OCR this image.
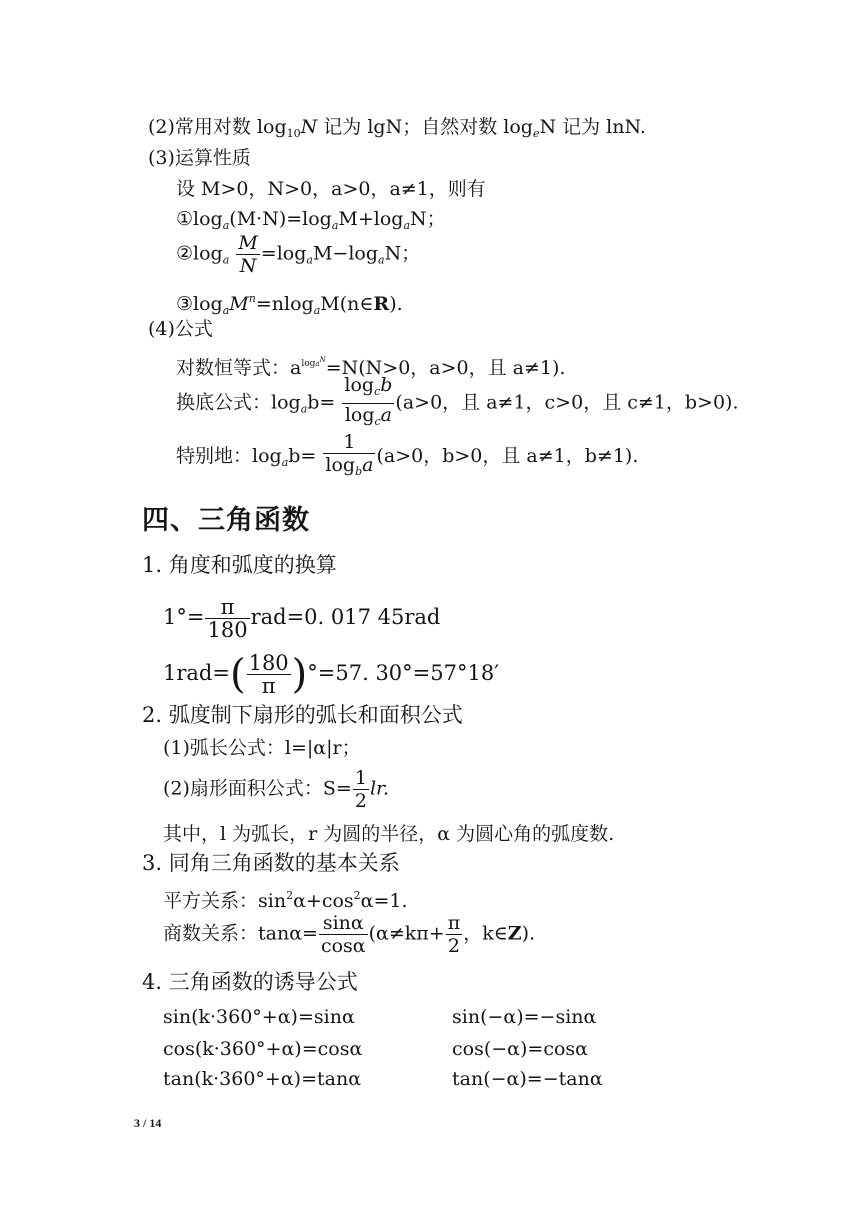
(2)常用对数 $\log_{10}N$ 记为 lgN；自然对数 $\log_eN$ 记为 lnN.
(3)运算性质
设 M>0，N>0，a>0，a≠1，则有
$①\log_a(M\cdot N)=\log_aM+\log_aN$；
$②\log_a \frac{M}{N} =\log_aM-\log_aN$；
$③\log_aM^n=nlog_aM(n\in R)$.
(4)公式
对数恒等式：$a^{loga^N}=N(N>0$，a>0，且 a≠1).
换底公式：$\log_ab= \frac{\log_cb}{\log_ca} (a>0$，且 a≠1，c>0，且 c≠1，b>0).
特别地：$\log_ab= \frac{1}{\log_ba} (a>0$，b>0，且 a≠1，b≠1).
四、三角函数
1. 角度和弧度的换算
$1^\circ= \frac{\pi}{180} rad=0$. 017 45rad
$1rad=( \frac{180}{\pi} )^\circ=57$. 30°=57°18′
2. 弧度制下扇形的弧长和面积公式
(1)弧长公式：l=|α|r；
(2)扇形面积公式：$S= \frac{1}{2}$ lr.
其中，l 为弧长，r 为圆的半径，α 为圆心角的弧度数.
3. 同角三角函数的基本关系
平方关系：$\sin^2\alpha+\cos^2\alpha=1$.
商数关系：$\tan\alpha= \frac{\sin\alpha}{\cos\alpha} (\alpha\ne k\pi+ \frac{\pi}{2}$ ，k∈Z).
4. 三角函数的诱导公式
sin(k·360°+α)=sinα	sin(−α)=−sinα
cos(k·360°+α)=cosα	cos(−α)=cosα
tan(k·360°+α)=tanα	tan(−α)=−tanα
3 / 14
